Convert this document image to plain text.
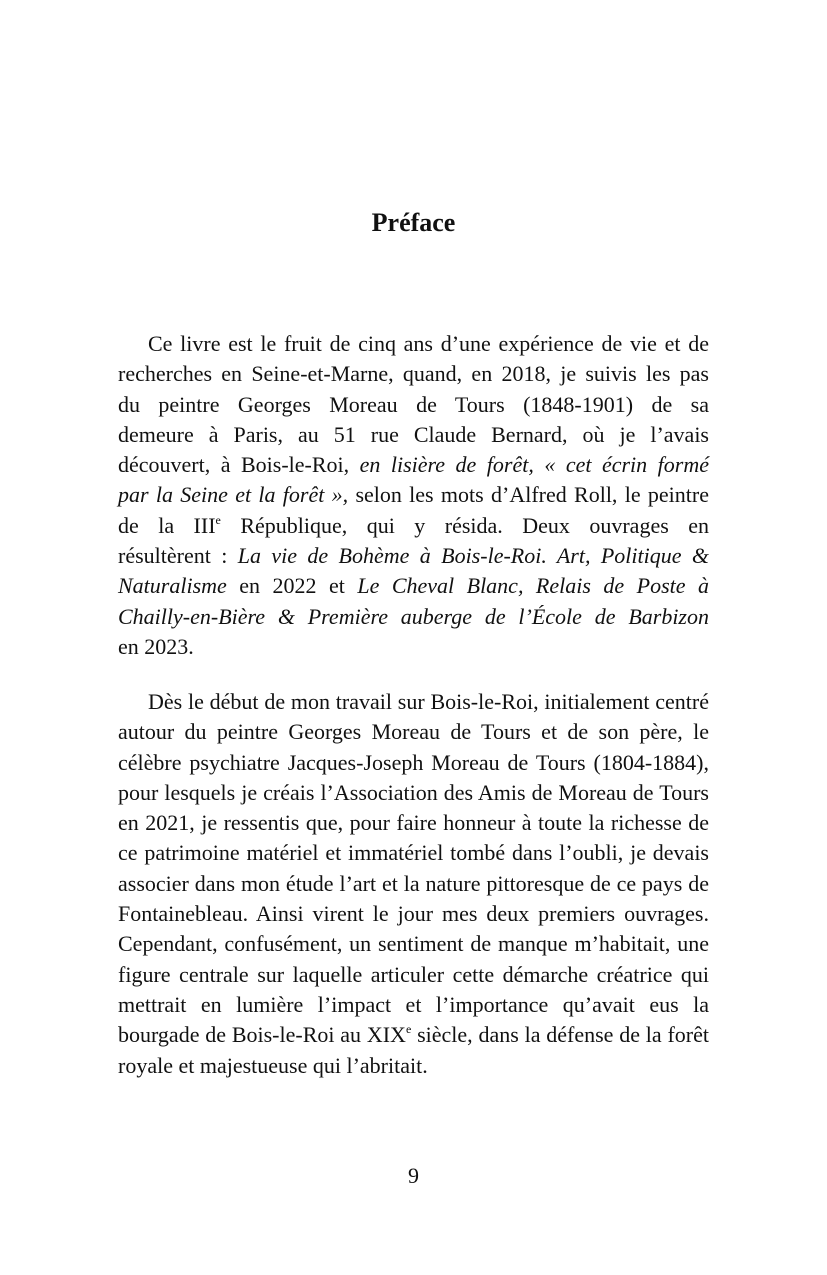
Préface
Ce livre est le fruit de cinq ans d’une expérience de vie et de
recherches en Seine-et-Marne, quand, en 2018, je suivis les pas
du peintre Georges Moreau de Tours (1848-1901) de sa
demeure à Paris, au 51 rue Claude Bernard, où je l’avais
découvert, à Bois-le-Roi, en lisière de forêt, « cet écrin formé
par la Seine et la forêt », selon les mots d’Alfred Roll, le peintre
de la IIIe République, qui y résida. Deux ouvrages en
résultèrent : La vie de Bohème à Bois-le-Roi. Art, Politique &
Naturalisme en 2022 et Le Cheval Blanc, Relais de Poste à
Chailly-en-Bière & Première auberge de l’École de Barbizon
en 2023.
Dès le début de mon travail sur Bois-le-Roi, initialement centré
autour du peintre Georges Moreau de Tours et de son père, le
célèbre psychiatre Jacques-Joseph Moreau de Tours (1804-1884),
pour lesquels je créais l’Association des Amis de Moreau de Tours
en 2021, je ressentis que, pour faire honneur à toute la richesse de
ce patrimoine matériel et immatériel tombé dans l’oubli, je devais
associer dans mon étude l’art et la nature pittoresque de ce pays de
Fontainebleau. Ainsi virent le jour mes deux premiers ouvrages.
Cependant, confusément, un sentiment de manque m’habitait, une
figure centrale sur laquelle articuler cette démarche créatrice qui
mettrait en lumière l’impact et l’importance qu’avait eus la
bourgade de Bois-le-Roi au XIXe siècle, dans la défense de la forêt
royale et majestueuse qui l’abritait.
9
